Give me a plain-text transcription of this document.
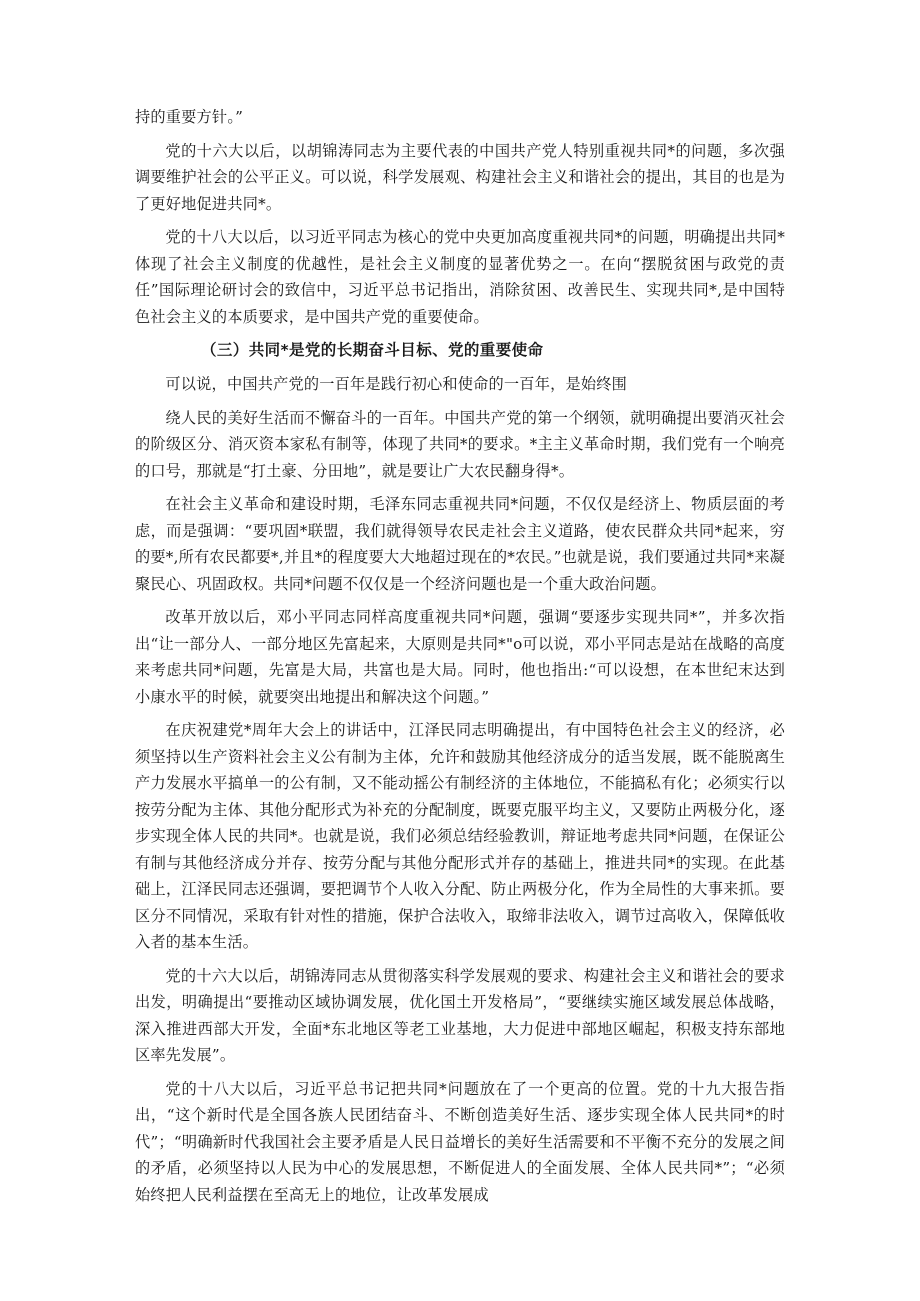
持的重要方针。”

党的十六大以后，以胡锦涛同志为主要代表的中国共产党人特别重视共同*的问题，多次强调要维护社会的公平正义。可以说，科学发展观、构建社会主义和谐社会的提出，其目的也是为了更好地促进共同*。

党的十八大以后，以习近平同志为核心的党中央更加高度重视共同*的问题，明确提出共同*体现了社会主义制度的优越性，是社会主义制度的显著优势之一。在向“摆脱贫困与政党的责任”国际理论研讨会的致信中，习近平总书记指出，消除贫困、改善民生、实现共同*,是中国特色社会主义的本质要求，是中国共产党的重要使命。

（三）共同*是党的长期奋斗目标、党的重要使命

可以说，中国共产党的一百年是践行初心和使命的一百年，是始终围

绕人民的美好生活而不懈奋斗的一百年。中国共产党的第一个纲领，就明确提出要消灭社会的阶级区分、消灭资本家私有制等，体现了共同*的要求。*主主义革命时期，我们党有一个响亮的口号，那就是“打土豪、分田地”，就是要让广大农民翻身得*。

在社会主义革命和建设时期，毛泽东同志重视共同*问题，不仅仅是经济上、物质层面的考虑，而是强调：“要巩固*联盟，我们就得领导农民走社会主义道路，使农民群众共同*起来，穷的要*,所有农民都要*,并且*的程度要大大地超过现在的*农民。”也就是说，我们要通过共同*来凝聚民心、巩固政权。共同*问题不仅仅是一个经济问题也是一个重大政治问题。

改革开放以后，邓小平同志同样高度重视共同*问题，强调“要逐步实现共同*”，并多次指出“让一部分人、一部分地区先富起来，大原则是共同*"o可以说，邓小平同志是站在战略的高度来考虑共同*问题，先富是大局，共富也是大局。同时，他也指出:“可以设想，在本世纪末达到小康水平的时候，就要突出地提出和解决这个问题。”

在庆祝建党*周年大会上的讲话中，江泽民同志明确提出，有中国特色社会主义的经济，必须坚持以生产资料社会主义公有制为主体，允许和鼓励其他经济成分的适当发展，既不能脱离生产力发展水平搞单一的公有制，又不能动摇公有制经济的主体地位，不能搞私有化；必须实行以按劳分配为主体、其他分配形式为补充的分配制度，既要克服平均主义，又要防止两极分化，逐步实现全体人民的共同*。也就是说，我们必须总结经验教训，辩证地考虑共同*问题，在保证公有制与其他经济成分并存、按劳分配与其他分配形式并存的基础上，推进共同*的实现。在此基础上，江泽民同志还强调，要把调节个人收入分配、防止两极分化，作为全局性的大事来抓。要区分不同情况，采取有针对性的措施，保护合法收入，取缔非法收入，调节过高收入，保障低收入者的基本生活。

党的十六大以后，胡锦涛同志从贯彻落实科学发展观的要求、构建社会主义和谐社会的要求出发，明确提出“要推动区域协调发展，优化国土开发格局”，“要继续实施区域发展总体战略，深入推进西部大开发，全面*东北地区等老工业基地，大力促进中部地区崛起，积极支持东部地区率先发展”。

党的十八大以后，习近平总书记把共同*问题放在了一个更高的位置。党的十九大报告指出，“这个新时代是全国各族人民团结奋斗、不断创造美好生活、逐步实现全体人民共同*的时代”；“明确新时代我国社会主要矛盾是人民日益增长的美好生活需要和不平衡不充分的发展之间的矛盾，必须坚持以人民为中心的发展思想，不断促进人的全面发展、全体人民共同*”；“必须始终把人民利益摆在至高无上的地位，让改革发展成
